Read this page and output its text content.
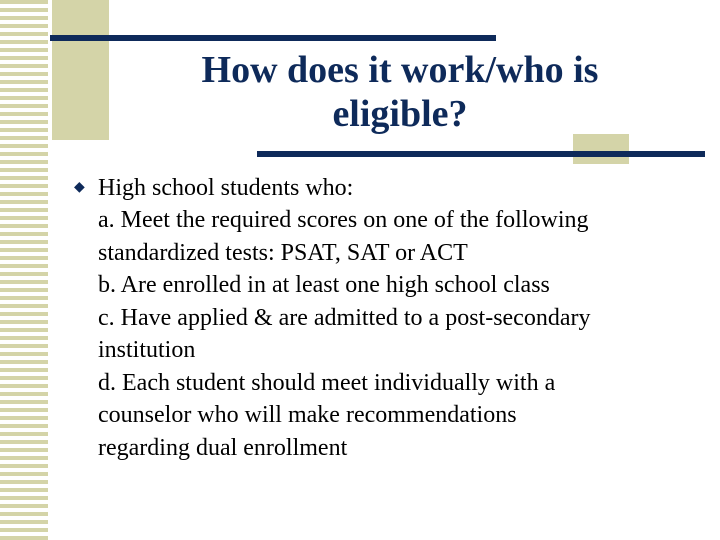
How does it work/who is
eligible?
◆ High school students who:
a. Meet the required scores on one of the following
standardized tests: PSAT, SAT or ACT
b. Are enrolled in at least one high school class
c. Have applied & are admitted to a post-secondary
institution
d. Each student should meet individually with a
counselor who will make recommendations
regarding dual enrollment
